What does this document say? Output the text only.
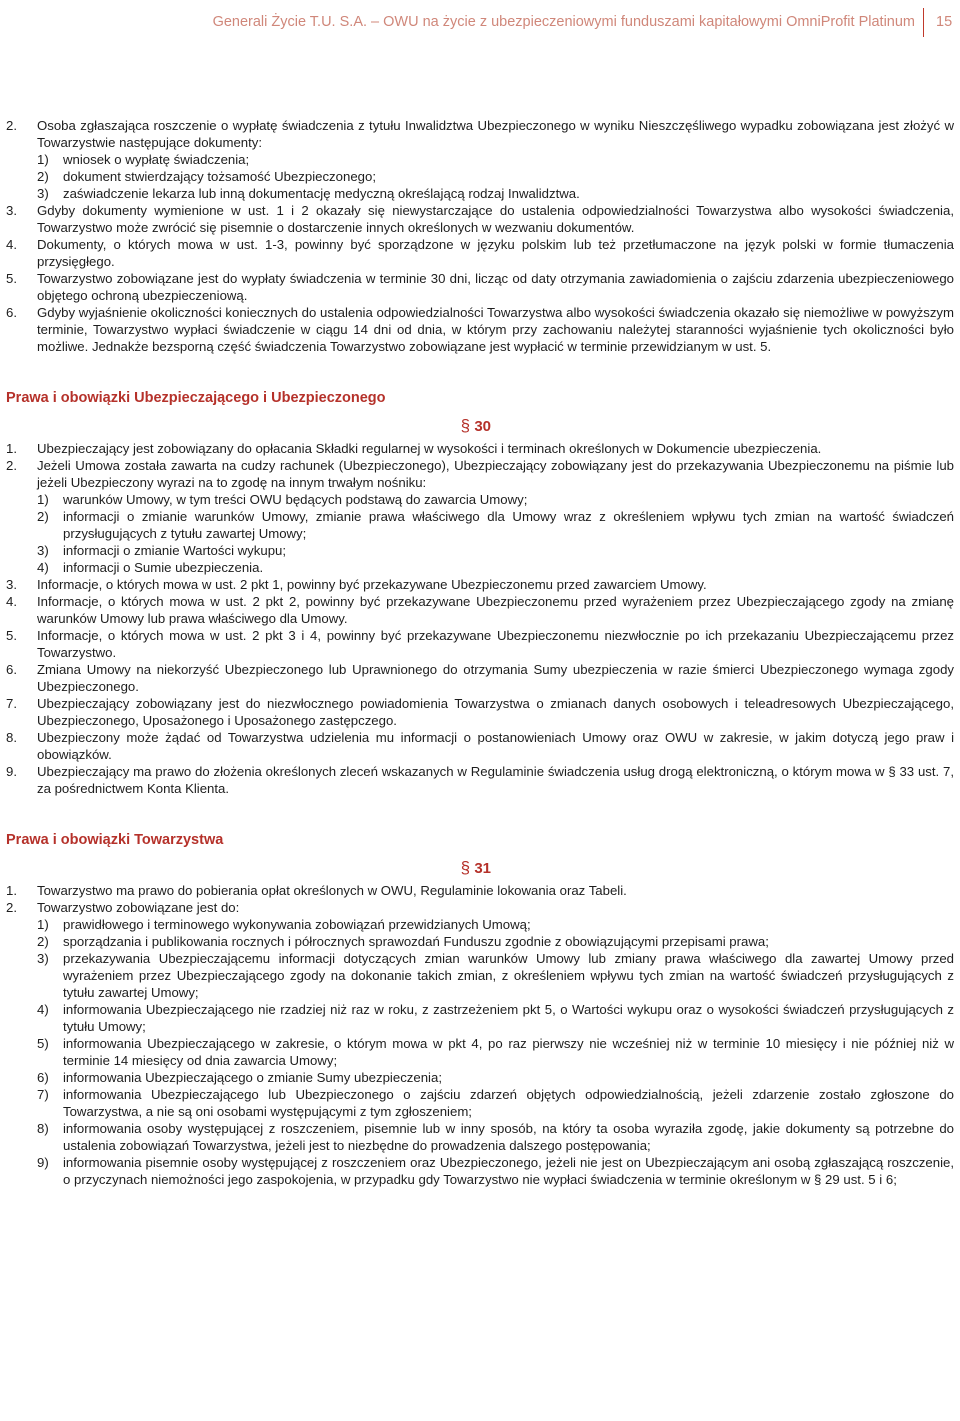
Generali Życie T.U. S.A. – OWU na życie z ubezpieczeniowymi funduszami kapitałowymi OmniProfit Platinum 15
2.	Osoba zgłaszająca roszczenie o wypłatę świadczenia z tytułu Inwalidztwa Ubezpieczonego w wyniku Nieszczęśliwego wypadku zobowiązana jest złożyć w Towarzystwie następujące dokumenty:
1)	wniosek o wypłatę świadczenia;
2)	dokument stwierdzający tożsamość Ubezpieczonego;
3)	zaświadczenie lekarza lub inną dokumentację medyczną określającą rodzaj Inwalidztwa.
3.	Gdyby dokumenty wymienione w ust. 1 i 2 okazały się niewystarczające do ustalenia odpowiedzialności Towarzystwa albo wysokości świadczenia, Towarzystwo może zwrócić się pisemnie o dostarczenie innych określonych w wezwaniu dokumentów.
4.	Dokumenty, o których mowa w ust. 1-3, powinny być sporządzone w języku polskim lub też przetłumaczone na język polski w formie tłumaczenia przysięgłego.
5.	Towarzystwo zobowiązane jest do wypłaty świadczenia w terminie 30 dni, licząc od daty otrzymania zawiadomienia o zajściu zdarzenia ubezpieczeniowego objętego ochroną ubezpieczeniową.
6.	Gdyby wyjaśnienie okoliczności koniecznych do ustalenia odpowiedzialności Towarzystwa albo wysokości świadczenia okazało się niemożliwe w powyższym terminie, Towarzystwo wypłaci świadczenie w ciągu 14 dni od dnia, w którym przy zachowaniu należytej staranności wyjaśnienie tych okoliczności było możliwe. Jednakże bezsporną część świadczenia Towarzystwo zobowiązane jest wypłacić w terminie przewidzianym w ust. 5.
Prawa i obowiązki Ubezpieczającego i Ubezpieczonego
§ 30
1.	Ubezpieczający jest zobowiązany do opłacania Składki regularnej w wysokości i terminach określonych w Dokumencie ubezpieczenia.
2.	Jeżeli Umowa została zawarta na cudzy rachunek (Ubezpieczonego), Ubezpieczający zobowiązany jest do przekazywania Ubezpieczonemu na piśmie lub jeżeli Ubezpieczony wyrazi na to zgodę na innym trwałym nośniku:
1)	warunków Umowy, w tym treści OWU będących podstawą do zawarcia Umowy;
2)	informacji o zmianie warunków Umowy, zmianie prawa właściwego dla Umowy wraz z określeniem wpływu tych zmian na wartość świadczeń przysługujących z tytułu zawartej Umowy;
3)	informacji o zmianie Wartości wykupu;
4)	informacji o Sumie ubezpieczenia.
3.	Informacje, o których mowa w ust. 2 pkt 1, powinny być przekazywane Ubezpieczonemu przed zawarciem Umowy.
4.	Informacje, o których mowa w ust. 2 pkt 2, powinny być przekazywane Ubezpieczonemu przed wyrażeniem przez Ubezpieczającego zgody na zmianę warunków Umowy lub prawa właściwego dla Umowy.
5.	Informacje, o których mowa w ust. 2 pkt 3 i 4, powinny być przekazywane Ubezpieczonemu niezwłocznie po ich przekazaniu Ubezpieczającemu przez Towarzystwo.
6.	Zmiana Umowy na niekorzyść Ubezpieczonego lub Uprawnionego do otrzymania Sumy ubezpieczenia w razie śmierci Ubezpieczonego wymaga zgody Ubezpieczonego.
7.	Ubezpieczający zobowiązany jest do niezwłocznego powiadomienia Towarzystwa o zmianach danych osobowych i teleadresowych Ubezpieczającego, Ubezpieczonego, Uposażonego i Uposażonego zastępczego.
8.	Ubezpieczony może żądać od Towarzystwa udzielenia mu informacji o postanowieniach Umowy oraz OWU w zakresie, w jakim dotyczą jego praw i obowiązków.
9.	Ubezpieczający ma prawo do złożenia określonych zleceń wskazanych w Regulaminie świadczenia usług drogą elektroniczną, o którym mowa w § 33 ust. 7, za pośrednictwem Konta Klienta.
Prawa i obowiązki Towarzystwa
§ 31
1.	Towarzystwo ma prawo do pobierania opłat określonych w OWU, Regulaminie lokowania oraz Tabeli.
2.	Towarzystwo zobowiązane jest do:
1)	prawidłowego i terminowego wykonywania zobowiązań przewidzianych Umową;
2)	sporządzania i publikowania rocznych i półrocznych sprawozdań Funduszu zgodnie z obowiązującymi przepisami prawa;
3)	przekazywania Ubezpieczającemu informacji dotyczących zmian warunków Umowy lub zmiany prawa właściwego dla zawartej Umowy przed wyrażeniem przez Ubezpieczającego zgody na dokonanie takich zmian, z określeniem wpływu tych zmian na wartość świadczeń przysługujących z tytułu zawartej Umowy;
4)	informowania Ubezpieczającego nie rzadziej niż raz w roku, z zastrzeżeniem pkt 5, o Wartości wykupu oraz o wysokości świadczeń przysługujących z tytułu Umowy;
5)	informowania Ubezpieczającego w zakresie, o którym mowa w pkt 4, po raz pierwszy nie wcześniej niż w terminie 10 miesięcy i nie później niż w terminie 14 miesięcy od dnia zawarcia Umowy;
6)	informowania Ubezpieczającego o zmianie Sumy ubezpieczenia;
7)	informowania Ubezpieczającego lub Ubezpieczonego o zajściu zdarzeń objętych odpowiedzialnością, jeżeli zdarzenie zostało zgłoszone do Towarzystwa, a nie są oni osobami występującymi z tym zgłoszeniem;
8)	informowania osoby występującej z roszczeniem, pisemnie lub w inny sposób, na który ta osoba wyraziła zgodę, jakie dokumenty są potrzebne do ustalenia zobowiązań Towarzystwa, jeżeli jest to niezbędne do prowadzenia dalszego postępowania;
9)	informowania pisemnie osoby występującej z roszczeniem oraz Ubezpieczonego, jeżeli nie jest on Ubezpieczającym ani osobą zgłaszającą roszczenie, o przyczynach niemożności jego zaspokojenia, w przypadku gdy Towarzystwo nie wypłaci świadczenia w terminie określonym w § 29 ust. 5 i 6;
